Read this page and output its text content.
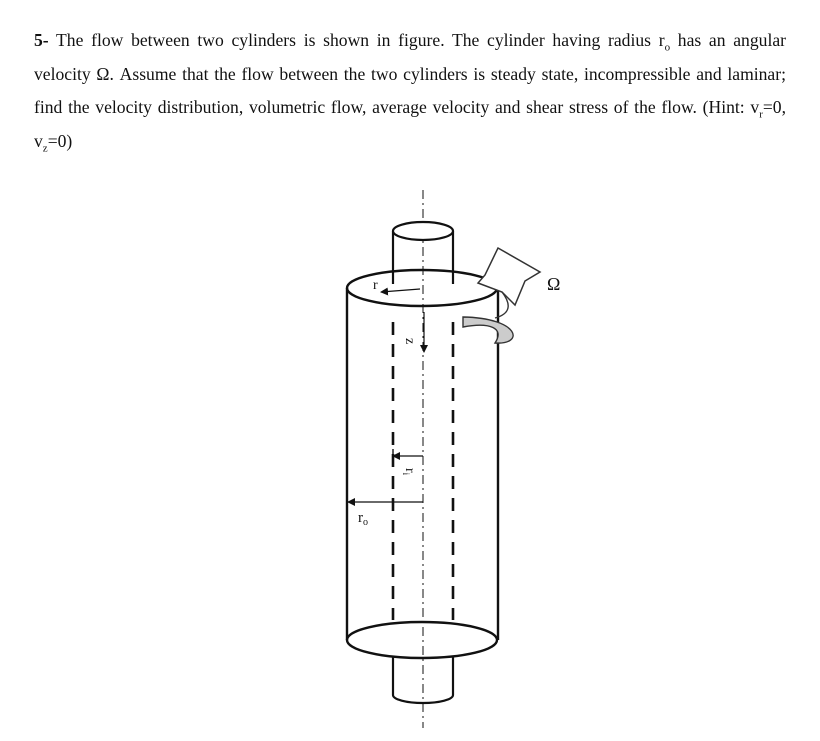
5- The flow between two cylinders is shown in figure. The cylinder having radius $r_o$ has an angular velocity Ω. Assume that the flow between the two cylinders is steady state, incompressible and laminar; find the velocity distribution, volumetric flow, average velocity and shear stress of the flow. (Hint: $v_r=0$, $v_z=0$)

Ω
r
z
$r_i$
$r_o$
